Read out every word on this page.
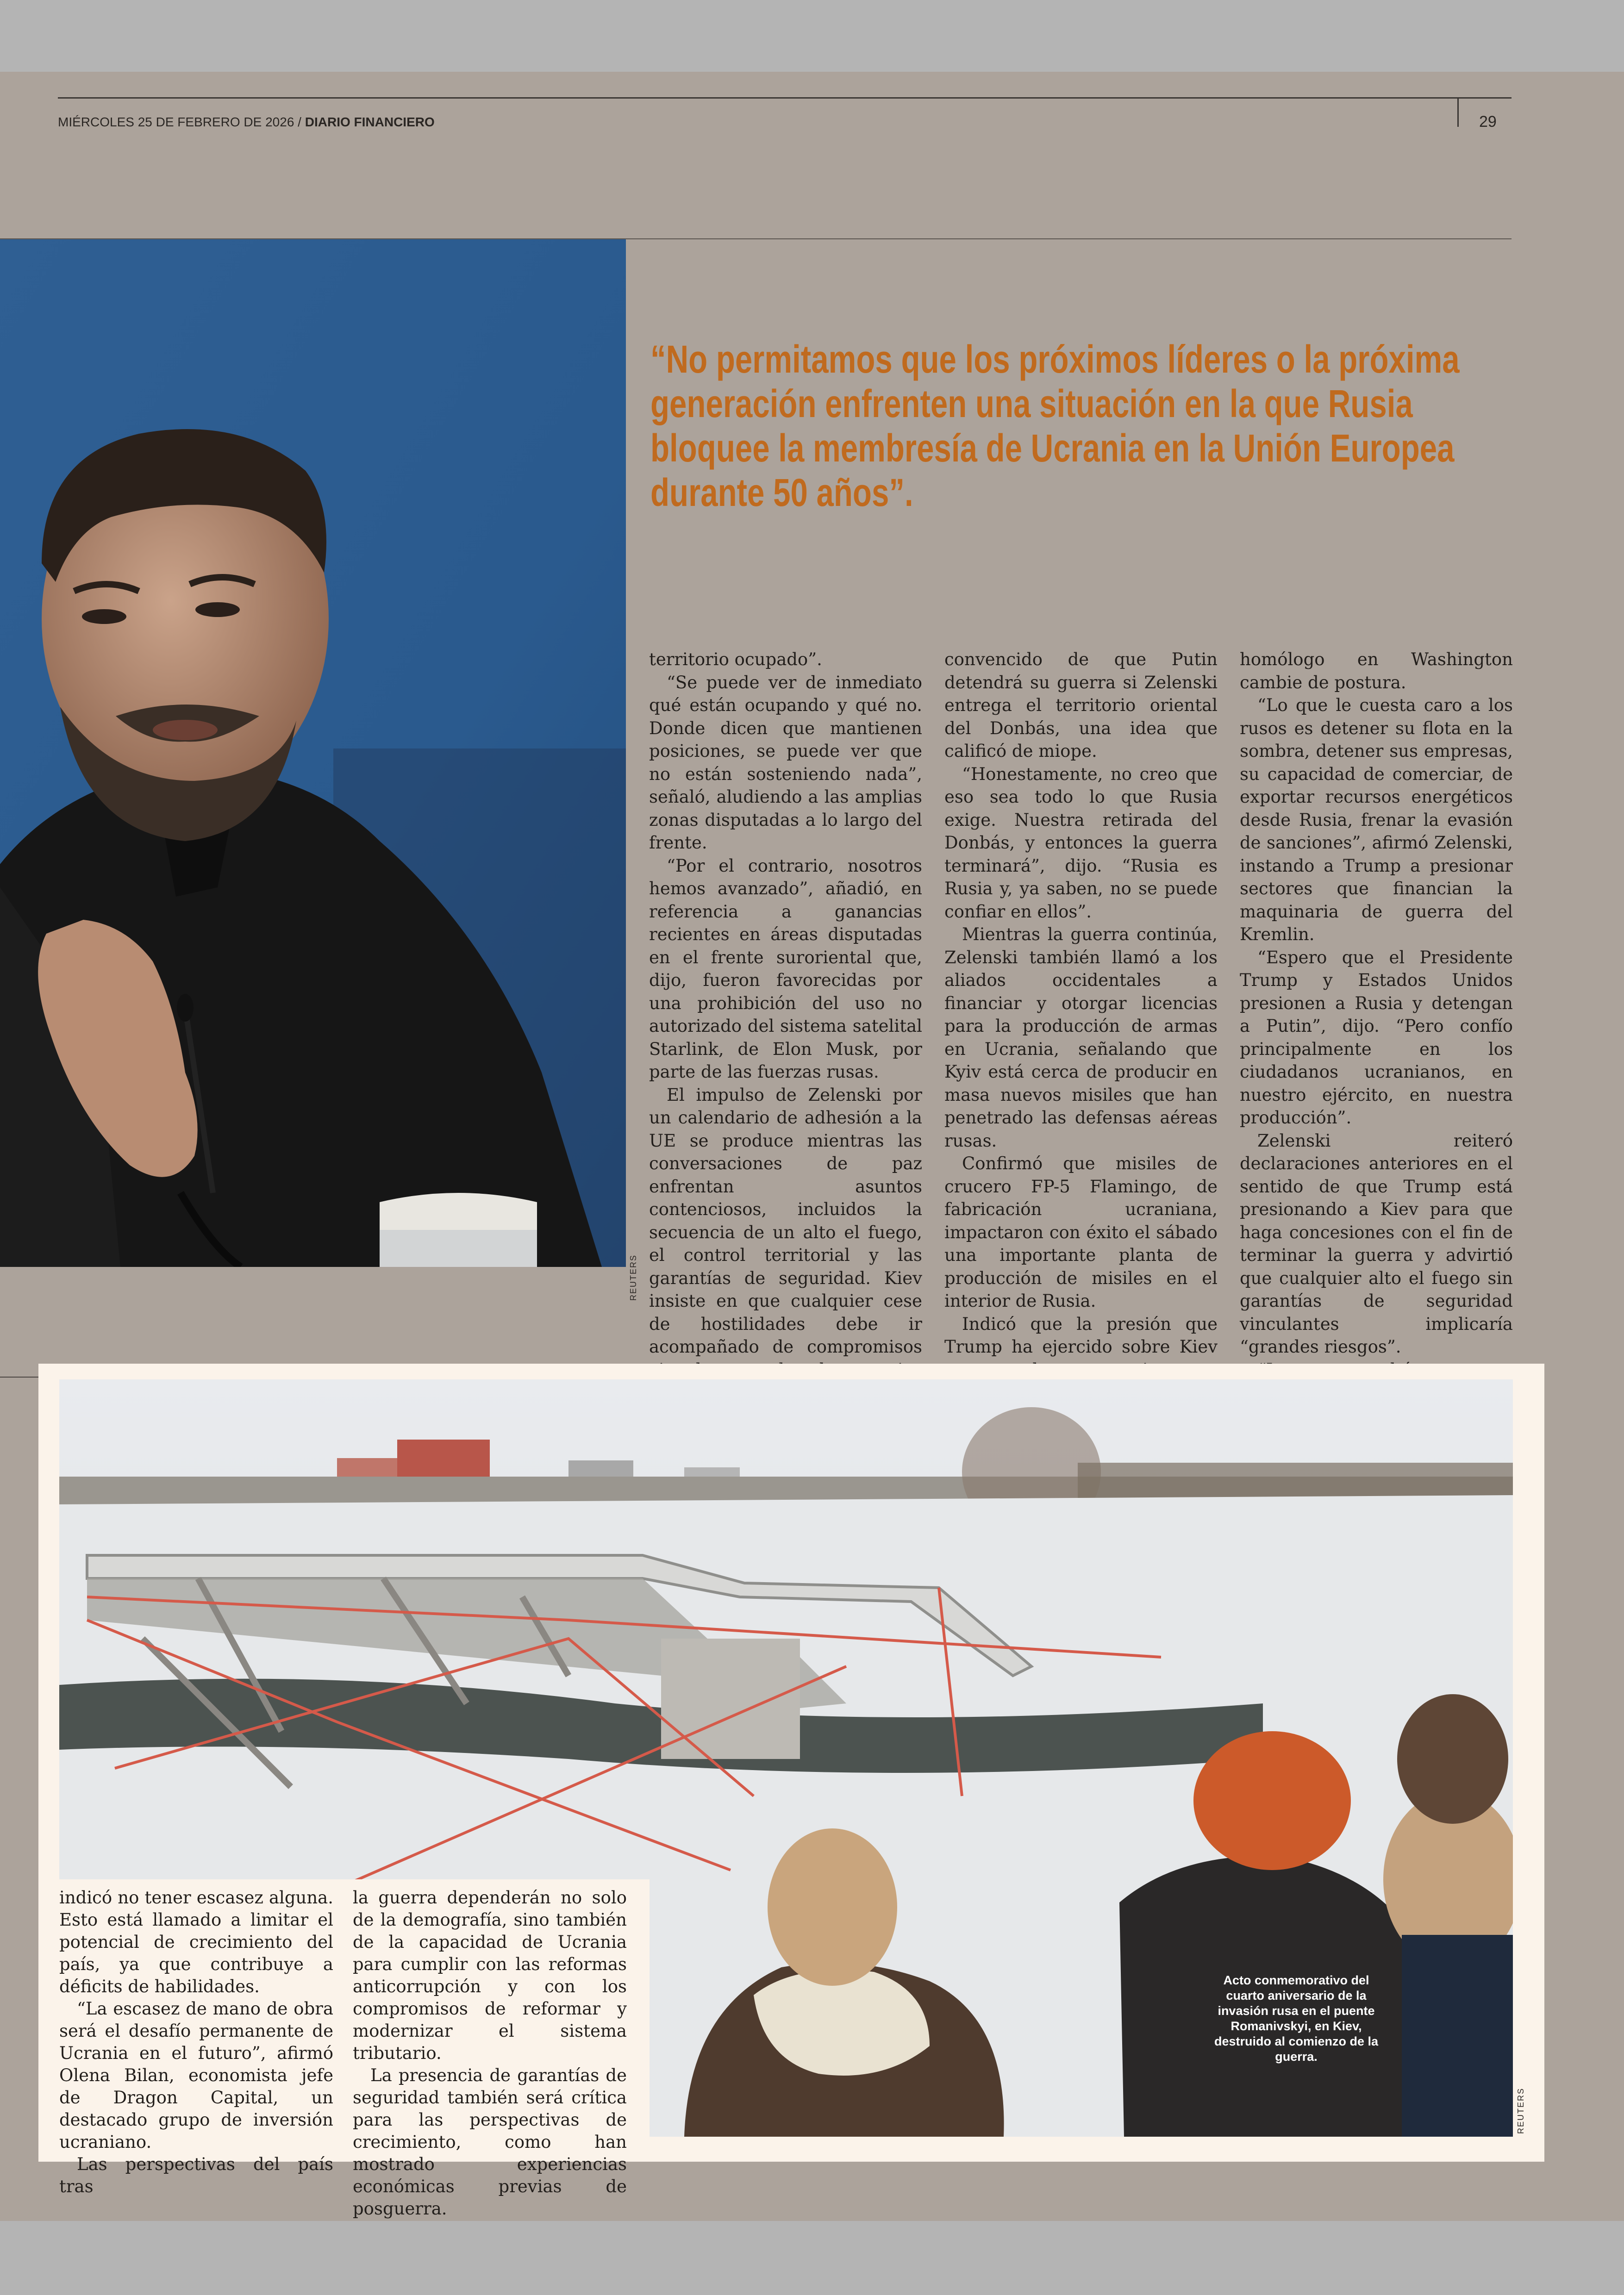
MIÉRCOLES 25 DE FEBRERO DE 2026 / DIARIO FINANCIERO	29
REUTERS

“No permitamos que los próximos líderes o la próxima generación enfrenten una situación en la que Rusia bloquee la membresía de Ucrania en la Unión Europea durante 50 años”.

territorio ocupado”.

“Se puede ver de inmediato qué están ocupando y qué no. Donde dicen que mantienen posiciones, se puede ver que no están sosteniendo nada”, señaló, aludiendo a las amplias zonas disputadas a lo largo del frente.

“Por el contrario, nosotros hemos avanzado”, añadió, en referencia a ganancias recientes en áreas disputadas en el frente suroriental que, dijo, fueron favorecidas por una prohibición del uso no autorizado del sistema satelital Starlink, de Elon Musk, por parte de las fuerzas rusas.

El impulso de Zelenski por un calendario de adhesión a la UE se produce mientras las conversaciones de paz enfrentan asuntos contenciosos, incluidos la secuencia de un alto el fuego, el control territorial y las garantías de seguridad. Kiev insiste en que cualquier cese de hostilidades debe ir acompañado de compromisos

convencido de que Putin detendrá su guerra si Zelenski entrega el territorio oriental del Donbás, una idea que calificó de miope.

“Honestamente, no creo que eso sea todo lo que Rusia exige. Nuestra retirada del Donbás, y entonces la guerra terminará”, dijo. “Rusia es Rusia y, ya saben, no se puede confiar en ellos”.

Mientras la guerra continúa, Zelenski también llamó a los aliados occidentales a financiar y otorgar licencias para la producción de armas en Ucrania, señalando que Kyiv está cerca de producir en masa nuevos misiles que han penetrado las defensas aéreas rusas.

Confirmó que misiles de crucero FP-5 Flamingo, de fabricación ucraniana, impactaron con éxito el sábado una importante planta de producción de misiles en el interior de Rusia.

Indicó que la presión que Trump ha ejercido sobre Kiev

homólogo en Washington cambie de postura.

“Lo que le cuesta caro a los rusos es detener su flota en la sombra, detener sus empresas, su capacidad de comerciar, de exportar recursos energéticos desde Rusia, frenar la evasión de sanciones”, afirmó Zelenski, instando a Trump a presionar sectores que financian la maquinaria de guerra del Kremlin.

“Espero que el Presidente Trump y Estados Unidos presionen a Rusia y detengan a Putin”, dijo. “Pero confío principalmente en los ciudadanos ucranianos, en nuestro ejército, en nuestra producción”.

Zelenski reiteró declaraciones anteriores en el sentido de que Trump está presionando a Kiev para que haga concesiones con el fin de terminar la guerra y advirtió que cualquier alto el fuego sin garantías de seguridad vinculantes implicaría “grandes riesgos”.

indicó no tener escasez alguna. Esto está llamado a limitar el potencial de crecimiento del país, ya que contribuye a déficits de habilidades.

“La escasez de mano de obra será el desafío permanente de Ucrania en el futuro”, afirmó Olena Bilan, economista jefe de Dragon Capital, un destacado grupo de inversión ucraniano.

Las perspectivas del país tras

la guerra dependerán no solo de la demografía, sino también de la capacidad de Ucrania para cumplir con las reformas anticorrupción y con los compromisos de reformar y modernizar el sistema tributario.

La presencia de garantías de seguridad también será crítica para las perspectivas de crecimiento, como han mostrado experiencias económicas previas de posguerra.

Acto conmemorativo del cuarto aniversario de la invasión rusa en el puente Romanivskyi, en Kiev, destruido al comienzo de la guerra.
REUTERS
